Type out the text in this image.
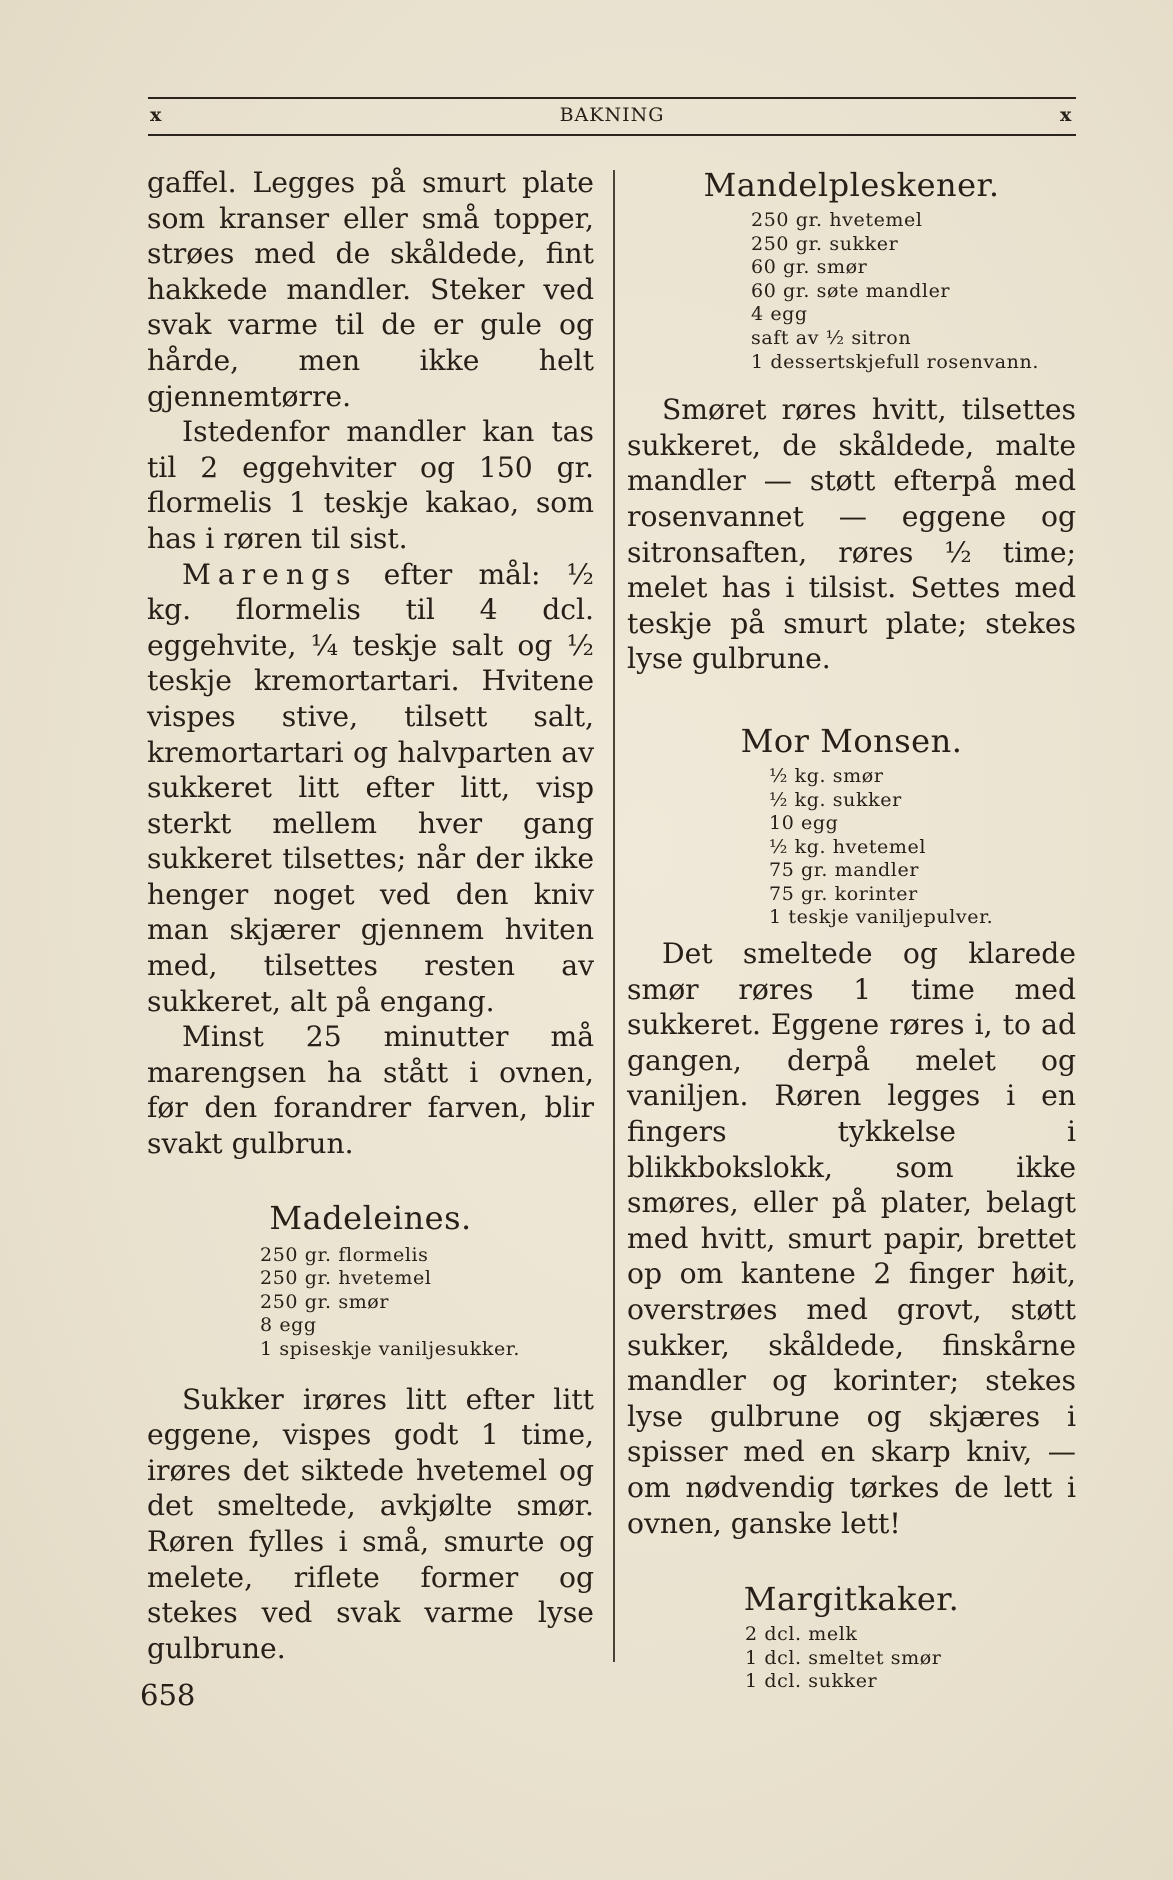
x	BAKNING	x

gaffel. Legges på smurt plate som kranser eller små topper, strøes med de skåldede, fint hakkede mandler. Steker ved svak varme til de er gule og hårde, men ikke helt gjennemtørre.

Istedenfor mandler kan tas til 2 eggehviter og 150 gr. flormelis 1 teskje kakao, som has i røren til sist.

Marengs efter mål: ½ kg. flormelis til 4 dcl. eggehvite, ¼ teskje salt og ½ teskje kremortartari. Hvitene vispes stive, tilsett salt, kremortartari og halvparten av sukkeret litt efter litt, visp sterkt mellem hver gang sukkeret tilsettes; når der ikke henger noget ved den kniv man skjærer gjennem hviten med, tilsettes resten av sukkeret, alt på engang.

Minst 25 minutter må marengsen ha stått i ovnen, før den forandrer farven, blir svakt gulbrun.

Madeleines.
250 gr. flormelis
250 gr. hvetemel
250 gr. smør
8 egg
1 spiseskje vaniljesukker.

Sukker irøres litt efter litt eggene, vispes godt 1 time, irøres det siktede hvetemel og det smeltede, avkjølte smør. Røren fylles i små, smurte og melete, riflete former og stekes ved svak varme lyse gulbrune.

Mandelpleskener.
250 gr. hvetemel
250 gr. sukker
60 gr. smør
60 gr. søte mandler
4 egg
saft av ½ sitron
1 dessertskjefull rosenvann.

Smøret røres hvitt, tilsettes sukkeret, de skåldede, malte mandler — støtt efterpå med rosenvannet — eggene og sitronsaften, røres ½ time; melet has i tilsist. Settes med teskje på smurt plate; stekes lyse gulbrune.

Mor Monsen.
½ kg. smør
½ kg. sukker
10 egg
½ kg. hvetemel
75 gr. mandler
75 gr. korinter
1 teskje vaniljepulver.

Det smeltede og klarede smør røres 1 time med sukkeret. Eggene røres i, to ad gangen, derpå melet og vaniljen. Røren legges i en fingers tykkelse i blikkbokslokk, som ikke smøres, eller på plater, belagt med hvitt, smurt papir, brettet op om kantene 2 finger høit, overstrøes med grovt, støtt sukker, skåldede, finskårne mandler og korinter; stekes lyse gulbrune og skjæres i spisser med en skarp kniv, — om nødvendig tørkes de lett i ovnen, ganske lett!

Margitkaker.
2 dcl. melk
1 dcl. smeltet smør
1 dcl. sukker
658
